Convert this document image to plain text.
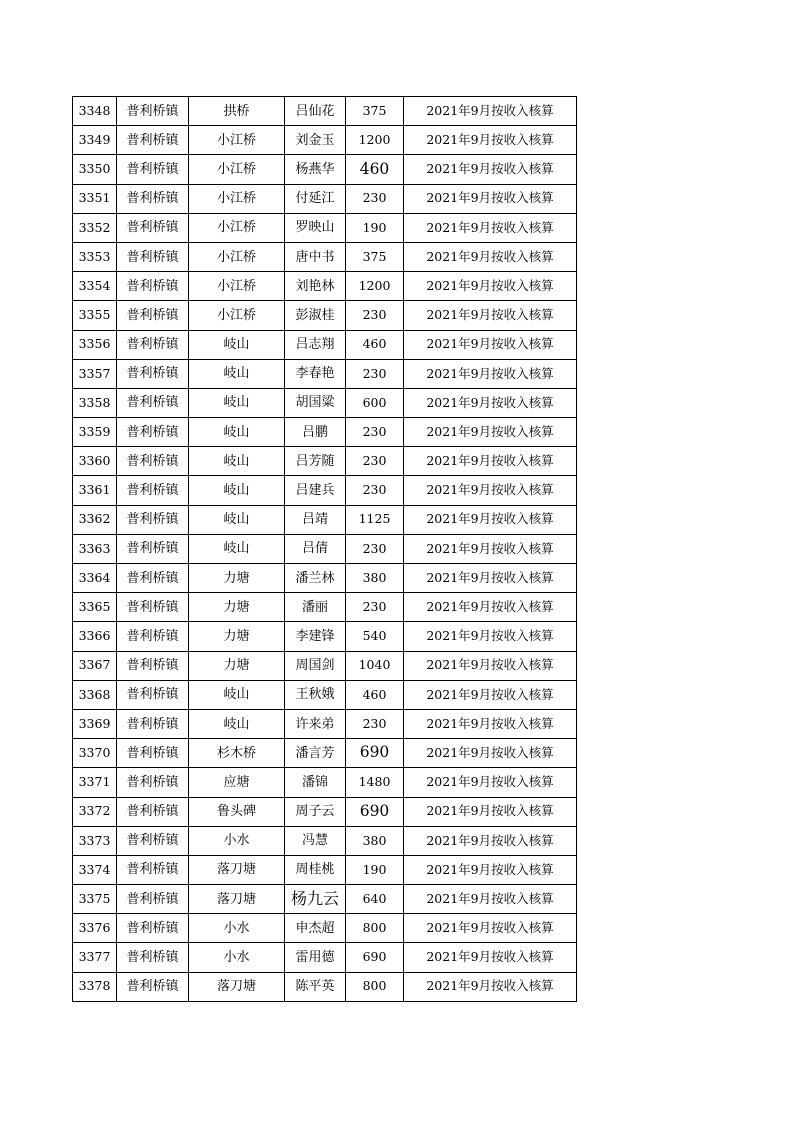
3348	普利桥镇	拱桥	吕仙花	375	2021年9月按收入核算
3349	普利桥镇	小江桥	刘金玉	1200	2021年9月按收入核算
3350	普利桥镇	小江桥	杨燕华	460	2021年9月按收入核算
3351	普利桥镇	小江桥	付延江	230	2021年9月按收入核算
3352	普利桥镇	小江桥	罗映山	190	2021年9月按收入核算
3353	普利桥镇	小江桥	唐中书	375	2021年9月按收入核算
3354	普利桥镇	小江桥	刘艳林	1200	2021年9月按收入核算
3355	普利桥镇	小江桥	彭淑桂	230	2021年9月按收入核算
3356	普利桥镇	岐山	吕志翔	460	2021年9月按收入核算
3357	普利桥镇	岐山	李春艳	230	2021年9月按收入核算
3358	普利桥镇	岐山	胡国粱	600	2021年9月按收入核算
3359	普利桥镇	岐山	吕鹏	230	2021年9月按收入核算
3360	普利桥镇	岐山	吕芳随	230	2021年9月按收入核算
3361	普利桥镇	岐山	吕建兵	230	2021年9月按收入核算
3362	普利桥镇	岐山	吕靖	1125	2021年9月按收入核算
3363	普利桥镇	岐山	吕倩	230	2021年9月按收入核算
3364	普利桥镇	力塘	潘兰林	380	2021年9月按收入核算
3365	普利桥镇	力塘	潘丽	230	2021年9月按收入核算
3366	普利桥镇	力塘	李建锋	540	2021年9月按收入核算
3367	普利桥镇	力塘	周国剑	1040	2021年9月按收入核算
3368	普利桥镇	岐山	王秋娥	460	2021年9月按收入核算
3369	普利桥镇	岐山	许来弟	230	2021年9月按收入核算
3370	普利桥镇	杉木桥	潘言芳	690	2021年9月按收入核算
3371	普利桥镇	应塘	潘锦	1480	2021年9月按收入核算
3372	普利桥镇	鲁头碑	周子云	690	2021年9月按收入核算
3373	普利桥镇	小水	冯慧	380	2021年9月按收入核算
3374	普利桥镇	落刀塘	周桂桃	190	2021年9月按收入核算
3375	普利桥镇	落刀塘	杨九云	640	2021年9月按收入核算
3376	普利桥镇	小水	申杰超	800	2021年9月按收入核算
3377	普利桥镇	小水	雷用德	690	2021年9月按收入核算
3378	普利桥镇	落刀塘	陈平英	800	2021年9月按收入核算
